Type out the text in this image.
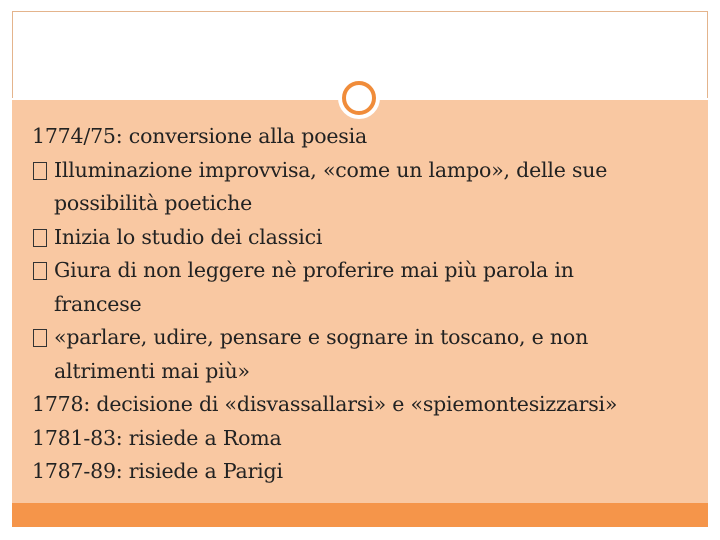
1774/75: conversione alla poesia
Illuminazione improvvisa, «come un lampo», delle sue
possibilità poetiche
Inizia lo studio dei classici
Giura di non leggere nè proferire mai più parola in
francese
«parlare, udire, pensare e sognare in toscano, e non
altrimenti mai più»
1778: decisione di «disvassallarsi» e «spiemontesizzarsi»
1781-83: risiede a Roma
1787-89: risiede a Parigi
